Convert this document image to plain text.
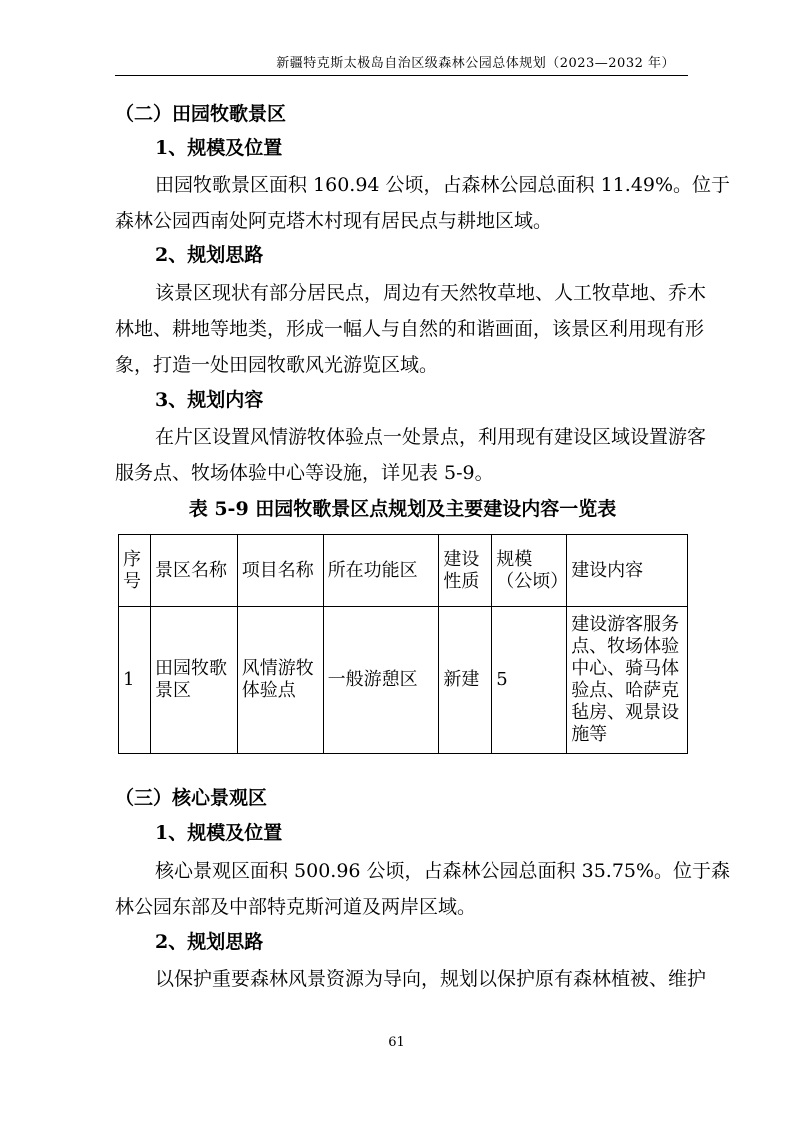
新疆特克斯太极岛自治区级森林公园总体规划（2023—2032 年）
（二）田园牧歌景区
1、规模及位置
田园牧歌景区面积 160.94 公顷，占森林公园总面积 11.49%。位于
森林公园西南处阿克塔木村现有居民点与耕地区域。
2、规划思路
该景区现状有部分居民点，周边有天然牧草地、人工牧草地、乔木
林地、耕地等地类，形成一幅人与自然的和谐画面，该景区利用现有形
象，打造一处田园牧歌风光游览区域。
3、规划内容
在片区设置风情游牧体验点一处景点，利用现有建设区域设置游客
服务点、牧场体验中心等设施，详见表 5-9。
表 5-9 田园牧歌景区点规划及主要建设内容一览表
序号	景区名称	项目名称	所在功能区	建设性质	规模（公顷）	建设内容
1	田园牧歌景区	风情游牧体验点	一般游憩区	新建	5	建设游客服务点、牧场体验中心、骑马体验点、哈萨克毡房、观景设施等
（三）核心景观区
1、规模及位置
核心景观区面积 500.96 公顷，占森林公园总面积 35.75%。位于森
林公园东部及中部特克斯河道及两岸区域。
2、规划思路
以保护重要森林风景资源为导向，规划以保护原有森林植被、维护
61
